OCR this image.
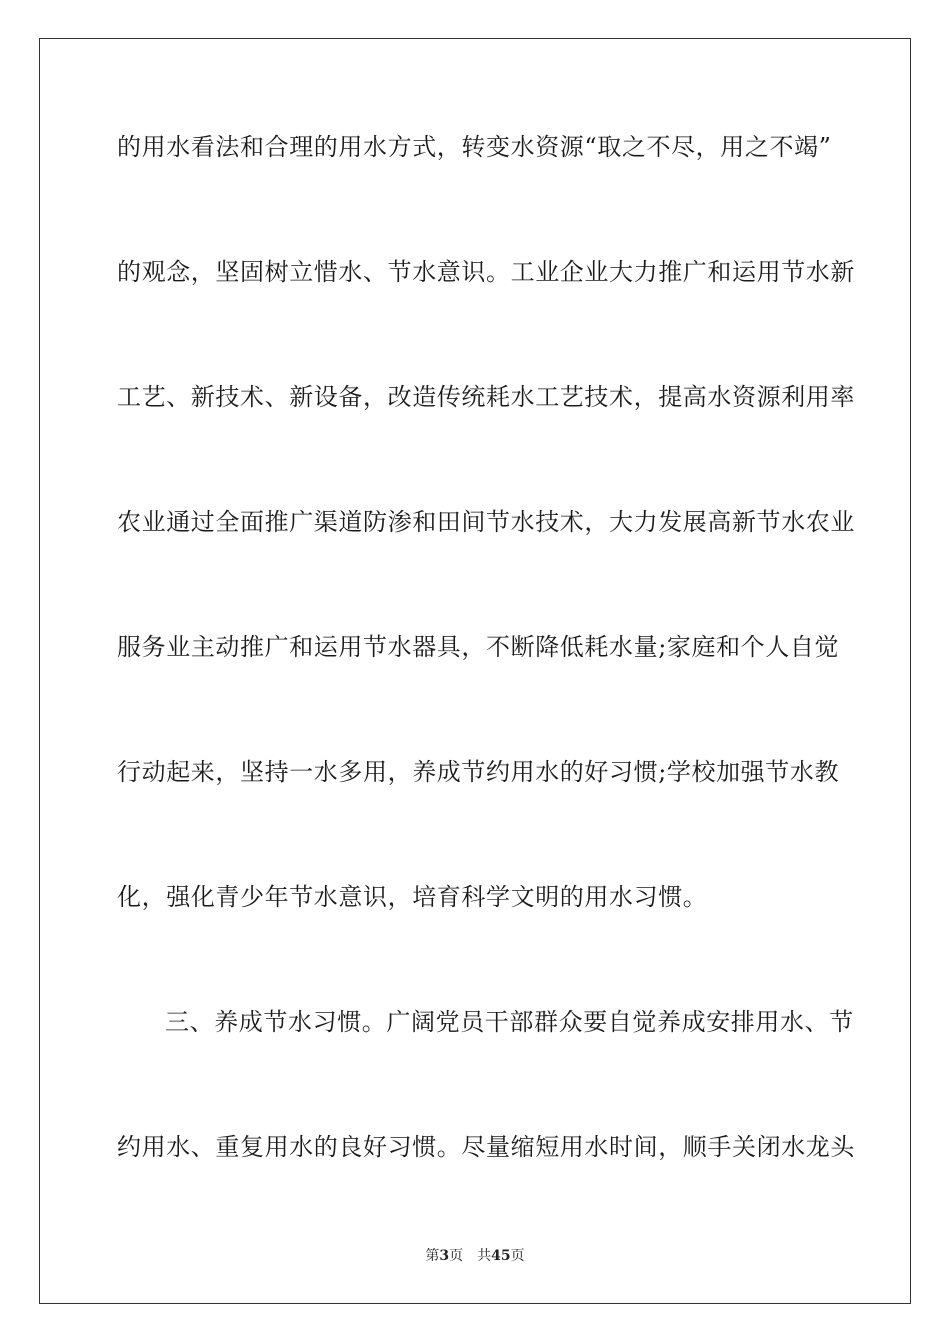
的用水看法和合理的用水方式，转变水资源“取之不尽，用之不竭”
的观念，坚固树立惜水、节水意识。工业企业大力推广和运用节水新
工艺、新技术、新设备，改造传统耗水工艺技术，提高水资源利用率
农业通过全面推广渠道防渗和田间节水技术，大力发展高新节水农业
服务业主动推广和运用节水器具，不断降低耗水量;家庭和个人自觉
行动起来，坚持一水多用，养成节约用水的好习惯;学校加强节水教
化，强化青少年节水意识，培育科学文明的用水习惯。
三、养成节水习惯。广阔党员干部群众要自觉养成安排用水、节
约用水、重复用水的良好习惯。尽量缩短用水时间，顺手关闭水龙头
第3页 共45页
